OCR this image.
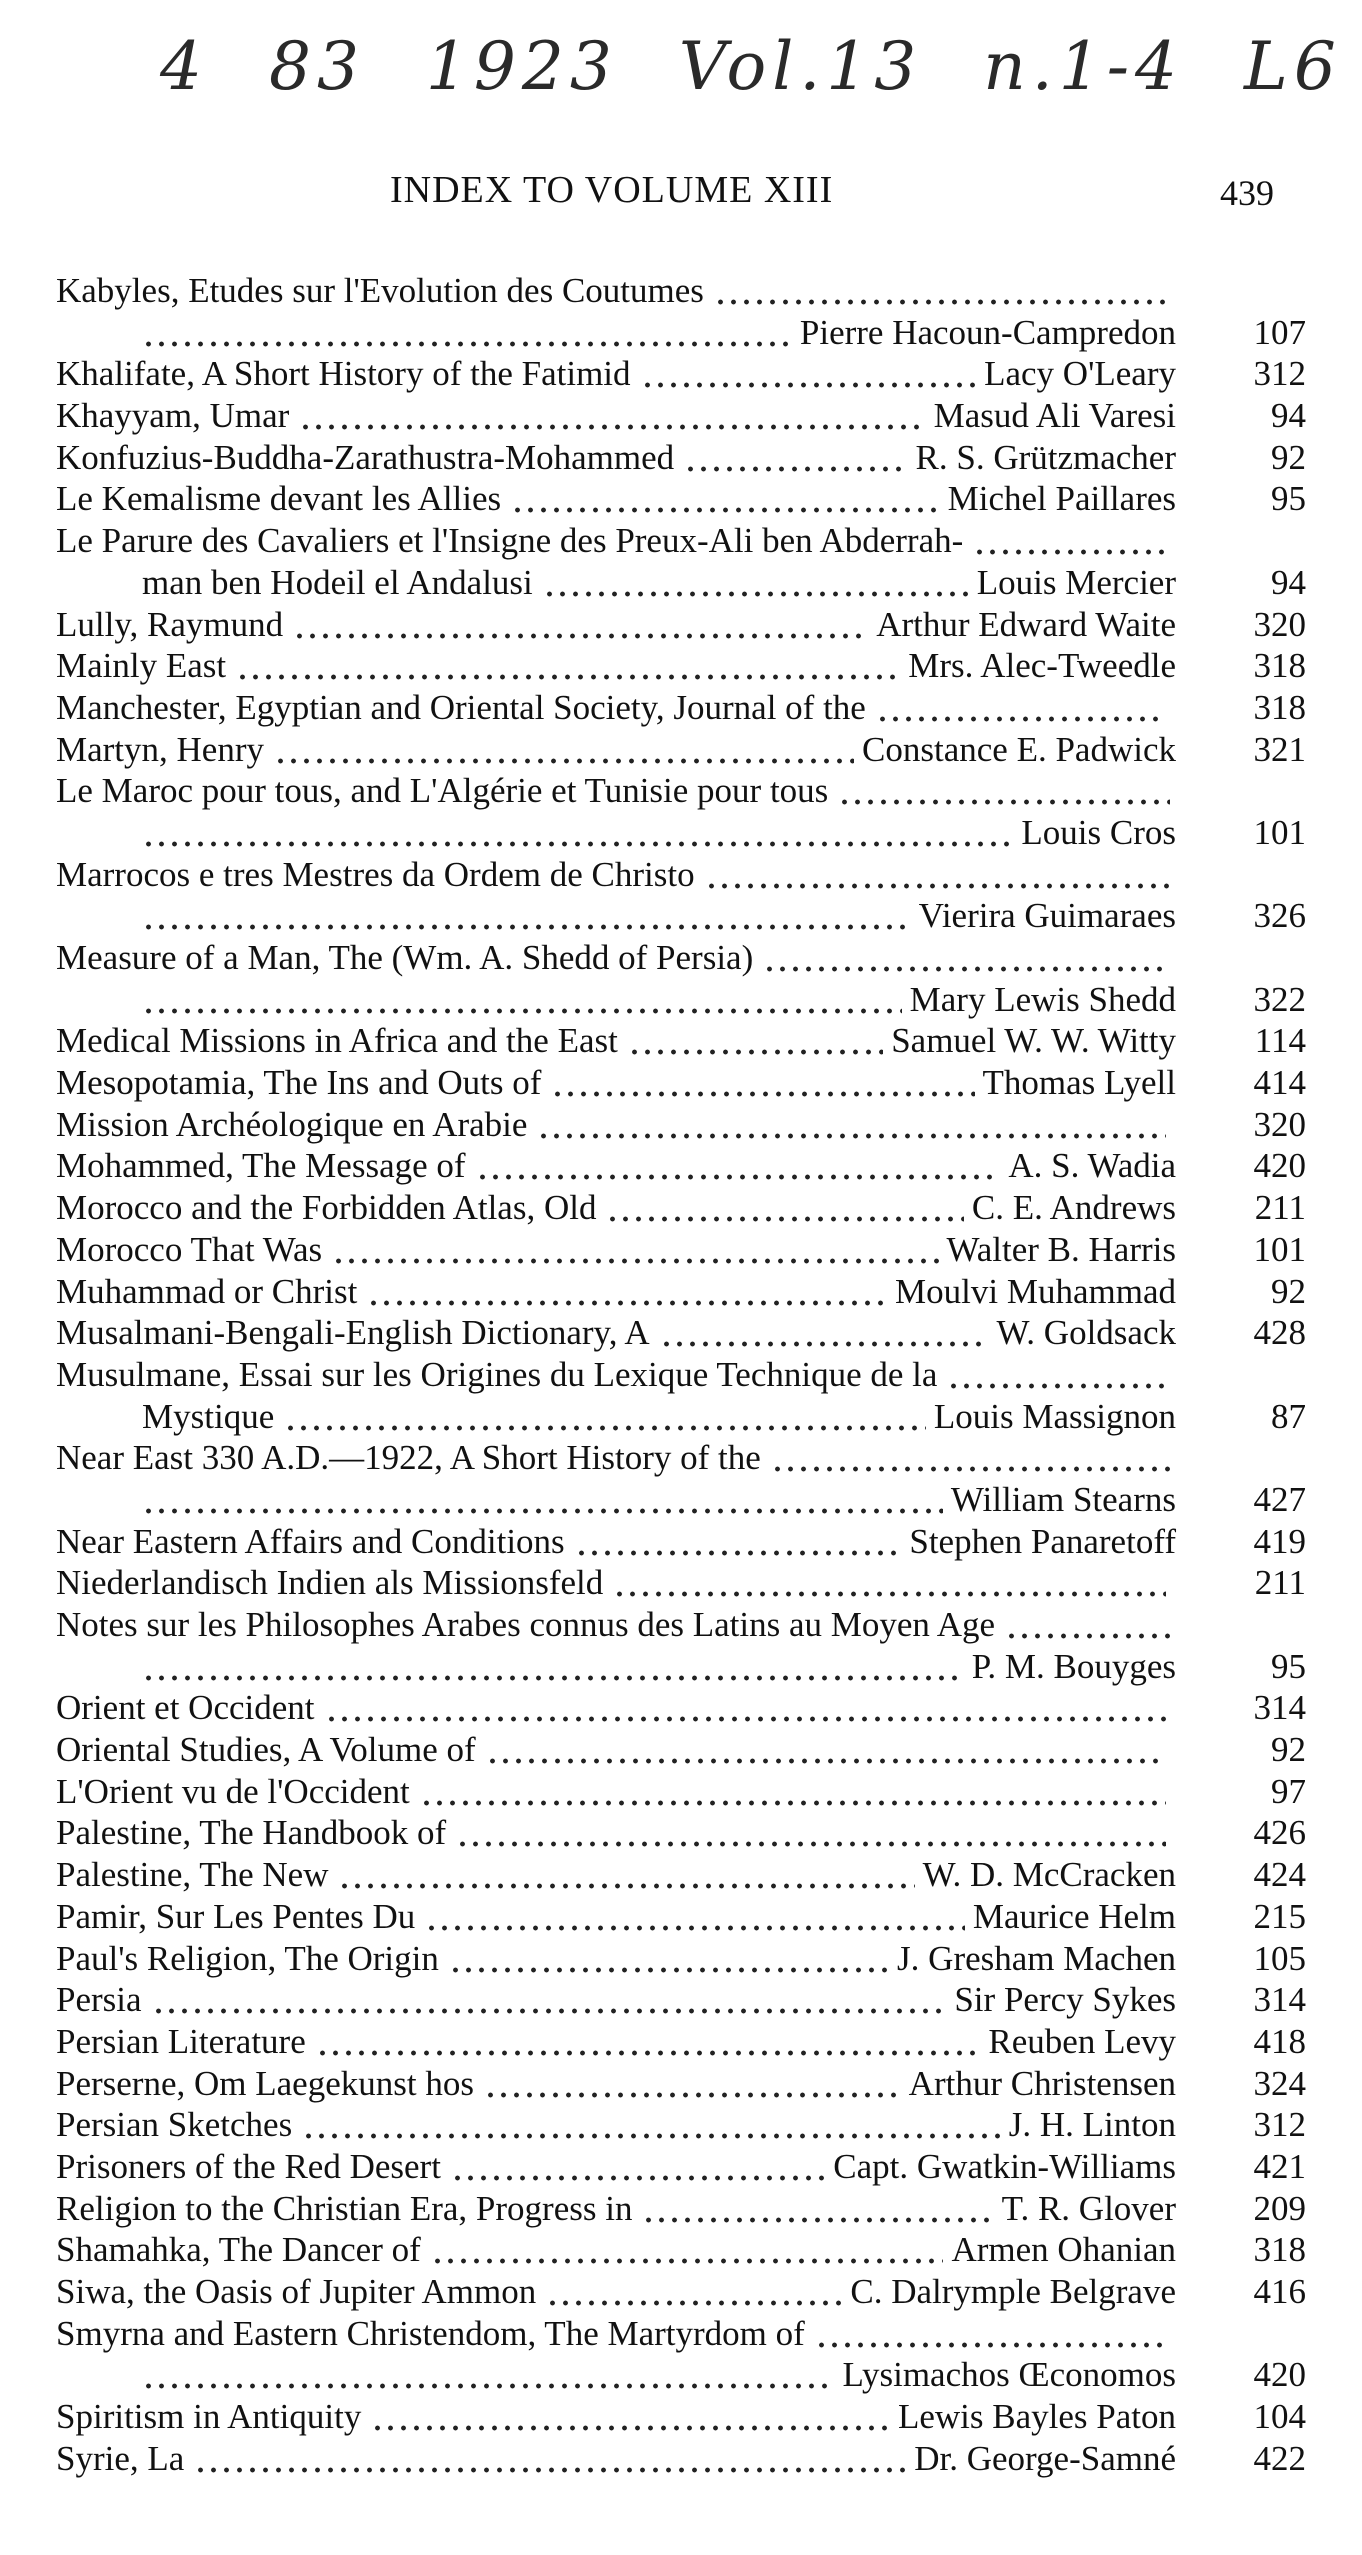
4 83 1923 Vol.13 n.1-4 L6
INDEX TO VOLUME XIII	439
Kabyles, Etudes sur l'Evolution des Coutumes
Pierre Hacoun-Campredon	107
Khalifate, A Short History of the Fatimid	Lacy O'Leary	312
Khayyam, Umar	Masud Ali Varesi	94
Konfuzius-Buddha-Zarathustra-Mohammed	R. S. Grützmacher	92
Le Kemalisme devant les Allies	Michel Paillares	95
Le Parure des Cavaliers et l'Insigne des Preux-Ali ben Abderrah-
man ben Hodeil el Andalusi	Louis Mercier	94
Lully, Raymund	Arthur Edward Waite	320
Mainly East	Mrs. Alec-Tweedle	318
Manchester, Egyptian and Oriental Society, Journal of the	318
Martyn, Henry	Constance E. Padwick	321
Le Maroc pour tous, and L'Algérie et Tunisie pour tous
Louis Cros	101
Marrocos e tres Mestres da Ordem de Christo
Vierira Guimaraes	326
Measure of a Man, The (Wm. A. Shedd of Persia)
Mary Lewis Shedd	322
Medical Missions in Africa and the East	Samuel W. W. Witty	114
Mesopotamia, The Ins and Outs of	Thomas Lyell	414
Mission Archéologique en Arabie	320
Mohammed, The Message of	A. S. Wadia	420
Morocco and the Forbidden Atlas, Old	C. E. Andrews	211
Morocco That Was	Walter B. Harris	101
Muhammad or Christ	Moulvi Muhammad	92
Musalmani-Bengali-English Dictionary, A	W. Goldsack	428
Musulmane, Essai sur les Origines du Lexique Technique de la
Mystique	Louis Massignon	87
Near East 330 A.D.—1922, A Short History of the
William Stearns	427
Near Eastern Affairs and Conditions	Stephen Panaretoff	419
Niederlandisch Indien als Missionsfeld	211
Notes sur les Philosophes Arabes connus des Latins au Moyen Age
P. M. Bouyges	95
Orient et Occident	314
Oriental Studies, A Volume of	92
L'Orient vu de l'Occident	97
Palestine, The Handbook of	426
Palestine, The New	W. D. McCracken	424
Pamir, Sur Les Pentes Du	Maurice Helm	215
Paul's Religion, The Origin	J. Gresham Machen	105
Persia	Sir Percy Sykes	314
Persian Literature	Reuben Levy	418
Perserne, Om Laegekunst hos	Arthur Christensen	324
Persian Sketches	J. H. Linton	312
Prisoners of the Red Desert	Capt. Gwatkin-Williams	421
Religion to the Christian Era, Progress in	T. R. Glover	209
Shamahka, The Dancer of	Armen Ohanian	318
Siwa, the Oasis of Jupiter Ammon	C. Dalrymple Belgrave	416
Smyrna and Eastern Christendom, The Martyrdom of
Lysimachos Œconomos	420
Spiritism in Antiquity	Lewis Bayles Paton	104
Syrie, La	Dr. George-Samné	422
